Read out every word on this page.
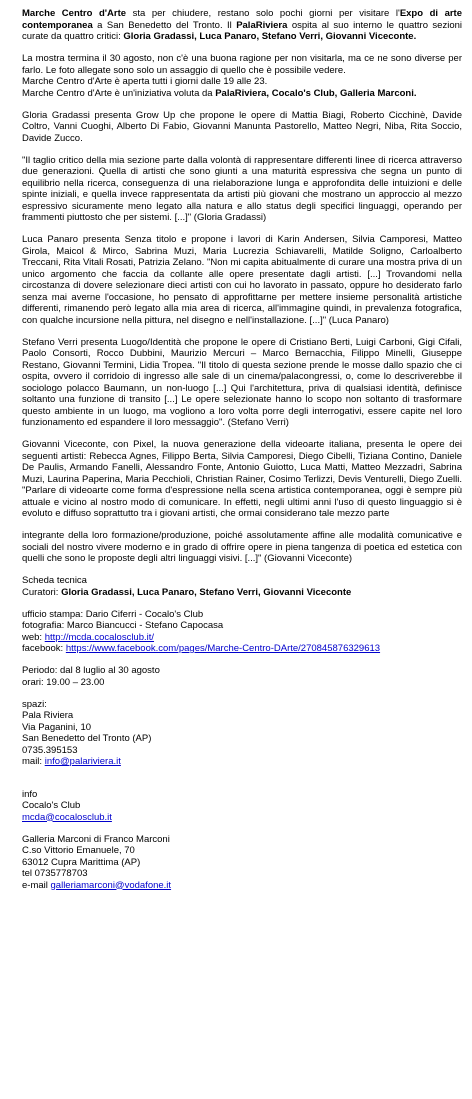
Marche Centro d'Arte sta per chiudere, restano solo pochi giorni per visitare l'Expo di arte contemporanea a San Benedetto del Tronto. Il PalaRiviera ospita al suo interno le quattro sezioni curate da quattro critici: Gloria Gradassi, Luca Panaro, Stefano Verri, Giovanni Viceconte.

La mostra termina il 30 agosto, non c'è una buona ragione per non visitarla, ma ce ne sono diverse per farlo. Le foto allegate sono solo un assaggio di quello che è possibile vedere.
Marche Centro d'Arte è aperta tutti i giorni dalle 19 alle 23.
Marche Centro d'Arte è un'iniziativa voluta da PalaRiviera, Cocalo's Club, Galleria Marconi.

Gloria Gradassi presenta Grow Up che propone le opere di Mattia Biagi, Roberto Cicchinè, Davide Coltro, Vanni Cuoghi, Alberto Di Fabio, Giovanni Manunta Pastorello, Matteo Negri, Niba, Rita Soccio, Davide Zucco.

"Il taglio critico della mia sezione parte dalla volontà di rappresentare differenti linee di ricerca attraverso due generazioni. Quella di artisti che sono giunti a una maturità espressiva che segna un punto di equilibrio nella ricerca, conseguenza di una rielaborazione lunga e approfondita delle intuizioni e delle spinte iniziali, e quella invece rappresentata da artisti più giovani che mostrano un approccio al mezzo espressivo sicuramente meno legato alla natura e allo status degli specifici linguaggi, operando per frammenti piuttosto che per sistemi. [...]" (Gloria Gradassi)

Luca Panaro presenta Senza titolo e propone i lavori di Karin Andersen, Silvia Camporesi, Matteo Girola, Maicol & Mirco, Sabrina Muzi, Maria Lucrezia Schiavarelli, Matilde Soligno, Carloalberto Treccani, Rita Vitali Rosati, Patrizia Zelano. "Non mi capita abitualmente di curare una mostra priva di un unico argomento che faccia da collante alle opere presentate dagli artisti. [...] Trovandomi nella circostanza di dovere selezionare dieci artisti con cui ho lavorato in passato, oppure ho desiderato farlo senza mai averne l'occasione, ho pensato di approfittarne per mettere insieme personalità artistiche differenti, rimanendo però legato alla mia area di ricerca, all'immagine quindi, in prevalenza fotografica, con qualche incursione nella pittura, nel disegno e nell'installazione. [...]" (Luca Panaro)

Stefano Verri presenta Luogo/Identità che propone le opere di Cristiano Berti, Luigi Carboni, Gigi Cifali, Paolo Consorti, Rocco Dubbini, Maurizio Mercuri – Marco Bernacchia, Filippo Minelli, Giuseppe Restano, Giovanni Termini, Lidia Tropea. "Il titolo di questa sezione prende le mosse dallo spazio che ci ospita, ovvero il corridoio di ingresso alle sale di un cinema/palacongressi, o, come lo descriverebbe il sociologo polacco Baumann, un non-luogo [...] Qui l'architettura, priva di qualsiasi identità, definisce soltanto una funzione di transito [...] Le opere selezionate hanno lo scopo non soltanto di trasformare questo ambiente in un luogo, ma vogliono a loro volta porre degli interrogativi, essere capite nel loro funzionamento ed espandere il loro messaggio". (Stefano Verri)

Giovanni Viceconte, con Pixel, la nuova generazione della videoarte italiana, presenta le opere dei seguenti artisti: Rebecca Agnes, Filippo Berta, Silvia Camporesi, Diego Cibelli, Tiziana Contino, Daniele De Paulis, Armando Fanelli, Alessandro Fonte, Antonio Guiotto, Luca Matti, Matteo Mezzadri, Sabrina Muzi, Laurina Paperina, Maria Pecchioli, Christian Rainer, Cosimo Terlizzi, Devis Venturelli, Diego Zuelli. "Parlare di videoarte come forma d'espressione nella scena artistica contemporanea, oggi è sempre più attuale e vicino al nostro modo di comunicare. In effetti, negli ultimi anni l'uso di questo linguaggio si è evoluto e diffuso soprattutto tra i giovani artisti, che ormai considerano tale mezzo parte

integrante della loro formazione/produzione, poiché assolutamente affine alle modalità comunicative e sociali del nostro vivere moderno e in grado di offrire opere in piena tangenza di poetica ed estetica con quelli che sono le proposte degli altri linguaggi visivi. [...]" (Giovanni Viceconte)

Scheda tecnica
Curatori: Gloria Gradassi, Luca Panaro, Stefano Verri, Giovanni Viceconte
ufficio stampa: Dario Ciferri - Cocalo's Club
fotografia: Marco Biancucci - Stefano Capocasa
web: http://mcda.cocalosclub.it/
facebook: https://www.facebook.com/pages/Marche-Centro-DArte/270845876329613
Periodo: dal 8 luglio al 30 agosto
orari: 19.00 – 23.00
spazi:
Pala Riviera
Via Paganini, 10
San Benedetto del Tronto (AP)
0735.395153
mail: info@palariviera.it
info
Cocalo's Club
mcda@cocalosclub.it
Galleria Marconi di Franco Marconi
C.so Vittorio Emanuele, 70
63012 Cupra Marittima (AP)
tel 0735778703
e-mail galleriamarconi@vodafone.it
